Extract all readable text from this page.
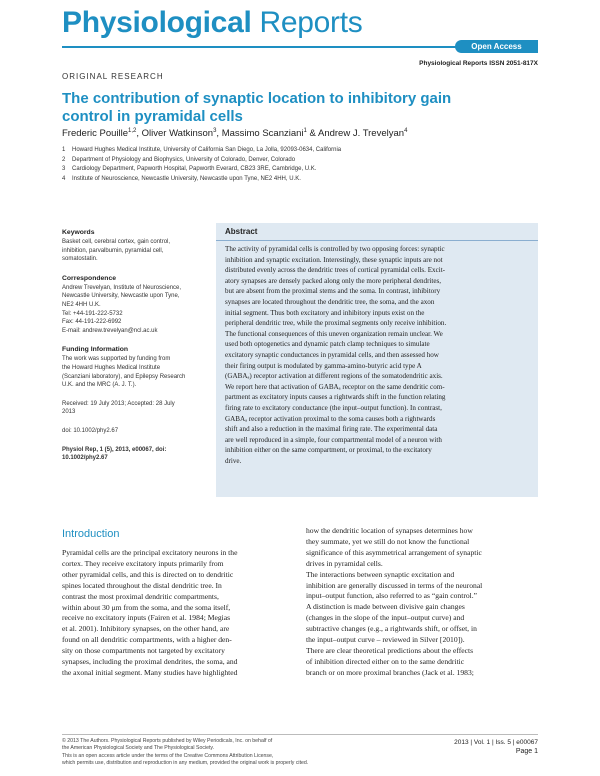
Physiological Reports
Open Access
Physiological Reports ISSN 2051-817X
ORIGINAL RESEARCH
The contribution of synaptic location to inhibitory gain control in pyramidal cells
Frederic Pouille$^{1,2}$, Oliver Watkinson$^3$, Massimo Scanziani$^1$ & Andrew J. Trevelyan$^4$
1 Howard Hughes Medical Institute, University of California San Diego, La Jolla, 92093-0634, California
2 Department of Physiology and Biophysics, University of Colorado, Denver, Colorado
3 Cardiology Department, Papworth Hospital, Papworth Everard, CB23 3RE, Cambridge, U.K.
4 Institute of Neuroscience, Newcastle University, Newcastle upon Tyne, NE2 4HH, U.K.
Keywords
Basket cell, cerebral cortex, gain control,
inhibition, parvalbumin, pyramidal cell,
somatostatin.
Correspondence
Andrew Trevelyan, Institute of Neuroscience,
Newcastle University, Newcastle upon Tyne,
NE2 4HH U.K.
Tel: +44-191-222-5732
Fax: 44-191-222-6992
E-mail: andrew.trevelyan@ncl.ac.uk
Funding Information
The work was supported by funding from
the Howard Hughes Medical Institute
(Scanziani laboratory), and Epilepsy Research
U.K. and the MRC (A. J. T.).
Received: 19 July 2013; Accepted: 28 July
2013
doi: 10.1002/phy2.67
Physiol Rep, 1 (5), 2013, e00067, doi:
10.1002/phy2.67
Abstract
The activity of pyramidal cells is controlled by two opposing forces: synaptic
inhibition and synaptic excitation. Interestingly, these synaptic inputs are not
distributed evenly across the dendritic trees of cortical pyramidal cells. Excit-
atory synapses are densely packed along only the more peripheral dendrites,
but are absent from the proximal stems and the soma. In contrast, inhibitory
synapses are located throughout the dendritic tree, the soma, and the axon
initial segment. Thus both excitatory and inhibitory inputs exist on the
peripheral dendritic tree, while the proximal segments only receive inhibition.
The functional consequences of this uneven organization remain unclear. We
used both optogenetics and dynamic patch clamp techniques to simulate
excitatory synaptic conductances in pyramidal cells, and then assessed how
their firing output is modulated by gamma-amino-butyric acid type A
(GABAₐ) receptor activation at different regions of the somatodendritic axis.
We report here that activation of GABAₐ receptor on the same dendritic com-
partment as excitatory inputs causes a rightwards shift in the function relating
firing rate to excitatory conductance (the input–output function). In contrast,
GABAₐ receptor activation proximal to the soma causes both a rightwards
shift and also a reduction in the maximal firing rate. The experimental data
are well reproduced in a simple, four compartmental model of a neuron with
inhibition either on the same compartment, or proximal, to the excitatory
drive.
Introduction
Pyramidal cells are the principal excitatory neurons in the
cortex. They receive excitatory inputs primarily from
other pyramidal cells, and this is directed on to dendritic
spines located throughout the distal dendritic tree. In
contrast the most proximal dendritic compartments,
within about 30 μm from the soma, and the soma itself,
receive no excitatory inputs (Fairen et al. 1984; Megias
et al. 2001). Inhibitory synapses, on the other hand, are
found on all dendritic compartments, with a higher den-
sity on those compartments not targeted by excitatory
synapses, including the proximal dendrites, the soma, and
the axonal initial segment. Many studies have highlighted
how the dendritic location of synapses determines how
they summate, yet we still do not know the functional
significance of this asymmetrical arrangement of synaptic
drives in pyramidal cells.
The interactions between synaptic excitation and
inhibition are generally discussed in terms of the neuronal
input–output function, also referred to as “gain control.”
A distinction is made between divisive gain changes
(changes in the slope of the input–output curve) and
subtractive changes (e.g., a rightwards shift, or offset, in
the input–output curve – reviewed in Silver [2010]).
There are clear theoretical predictions about the effects
of inhibition directed either on to the same dendritic
branch or on more proximal branches (Jack et al. 1983;
© 2013 The Authors. Physiological Reports published by Wiley Periodicals, Inc. on behalf of
the American Physiological Society and The Physiological Society.
This is an open access article under the terms of the Creative Commons Attribution License,
which permits use, distribution and reproduction in any medium, provided the original work is properly cited.
2013 | Vol. 1 | Iss. 5 | e00067
Page 1
